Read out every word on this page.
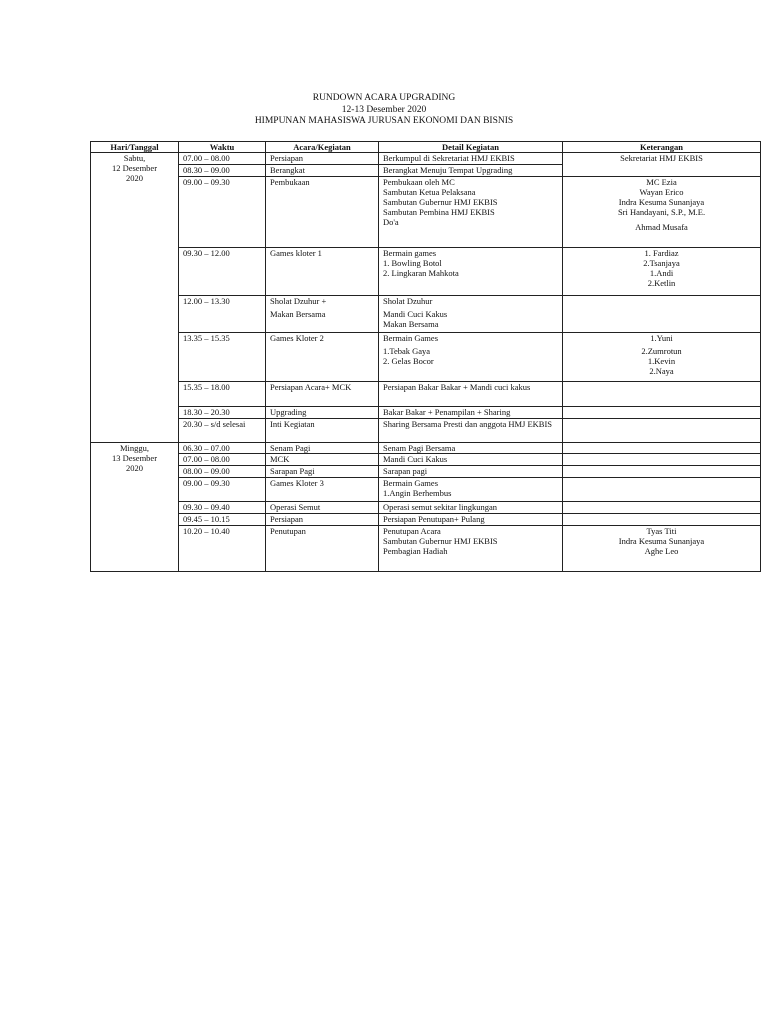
RUNDOWN ACARA UPGRADING
12-13 Desember 2020
HIMPUNAN MAHASISWA JURUSAN EKONOMI DAN BISNIS
Hari/Tanggal	Waktu	Acara/Kegiatan	Detail Kegiatan	Keterangan

Sabtu,
12 Desember
2020	07.00 – 08.00	Persiapan	Berkumpul di Sekretariat HMJ EKBIS	Sekretariat HMJ EKBIS

	08.30 – 09.00	Berangkat	Berangkat Menuju Tempat Upgrading	

	09.00 – 09.30	Pembukaan	Pembukaan oleh MC
Sambutan Ketua Pelaksana
Sambutan Gubernur HMJ EKBIS
Sambutan Pembina HMJ EKBIS
Do'a	MC Ezia
Wayan Erico
Indra Kesuma Sunanjaya
Sri Handayani, S.P., M.E.
Ahmad Musafa

	09.30 – 12.00	Games kloter 1	Bermain games
1. Bowling Botol
2. Lingkaran Mahkota	1. Fardiaz
2.Tsanjaya
1.Andi
2.Ketlin

	12.00 – 13.30	Sholat Dzuhur +
Makan Bersama	Sholat Dzuhur
Mandi Cuci Kakus
Makan Bersama	

	13.35 – 15.35	Games Kloter 2	Bermain Games
1.Tebak Gaya
2. Gelas Bocor	1.Yuni
2.Zumrotun
1.Kevin
2.Naya

	15.35 – 18.00	Persiapan Acara+ MCK	Persiapan Bakar Bakar + Mandi cuci kakus	

	18.30 – 20.30	Upgrading	Bakar Bakar + Penampilan + Sharing	

	20.30 – s/d selesai	Inti Kegiatan	Sharing Bersama Presti dan anggota HMJ EKBIS	

Minggu,
13 Desember
2020	06.30 – 07.00	Senam Pagi	Senam Pagi Bersama	

	07.00 – 08.00	MCK	Mandi Cuci Kakus	

	08.00 – 09.00	Sarapan Pagi	Sarapan pagi	

	09.00 – 09.30	Games Kloter 3	Bermain Games
1.Angin Berhembus	

	09.30 – 09.40	Operasi Semut	Operasi semut sekitar lingkungan	

	09.45 – 10.15	Persiapan	Persiapan Penutupan+ Pulang	

	10.20 – 10.40	Penutupan	Penutupan Acara
Sambutan Gubernur HMJ EKBIS
Pembagian Hadiah	Tyas Titi
Indra Kesuma Sunanjaya
Aghe Leo
